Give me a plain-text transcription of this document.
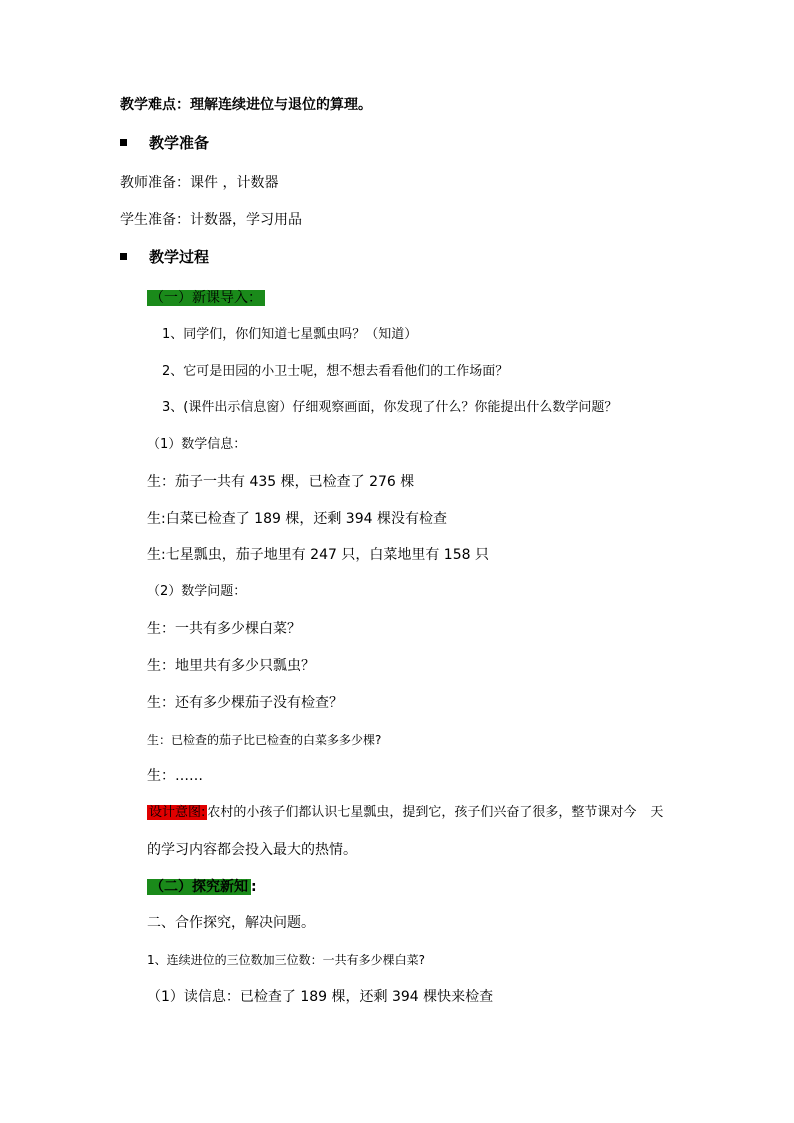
教学难点：理解连续进位与退位的算理。
教学准备
教师准备：课件 ，计数器
学生准备：计数器，学习用品
教学过程
（一）新课导入：
1、同学们，你们知道七星瓢虫吗？（知道）
2、它可是田园的小卫士呢，想不想去看看他们的工作场面？
3、(课件出示信息窗）仔细观察画面，你发现了什么？你能提出什么数学问题？
（1）数学信息：
生：茄子一共有 435 棵，已检查了 276 棵
生:白菜已检查了 189 棵，还剩 394 棵没有检查
生:七星瓢虫，茄子地里有 247 只，白菜地里有 158 只
（2）数学问题：
生：一共有多少棵白菜？
生：地里共有多少只瓢虫？
生：还有多少棵茄子没有检查？
生：已检查的茄子比已检查的白菜多多少棵?
生：……
设计意图: 农村的小孩子们都认识七星瓢虫，提到它，孩子们兴奋了很多，整节课对今 天
的学习内容都会投入最大的热情。
（二）探究新知 :
二、合作探究，解决问题。
1、连续进位的三位数加三位数：一共有多少棵白菜?
（1）读信息：已检查了 189 棵，还剩 394 棵快来检查
